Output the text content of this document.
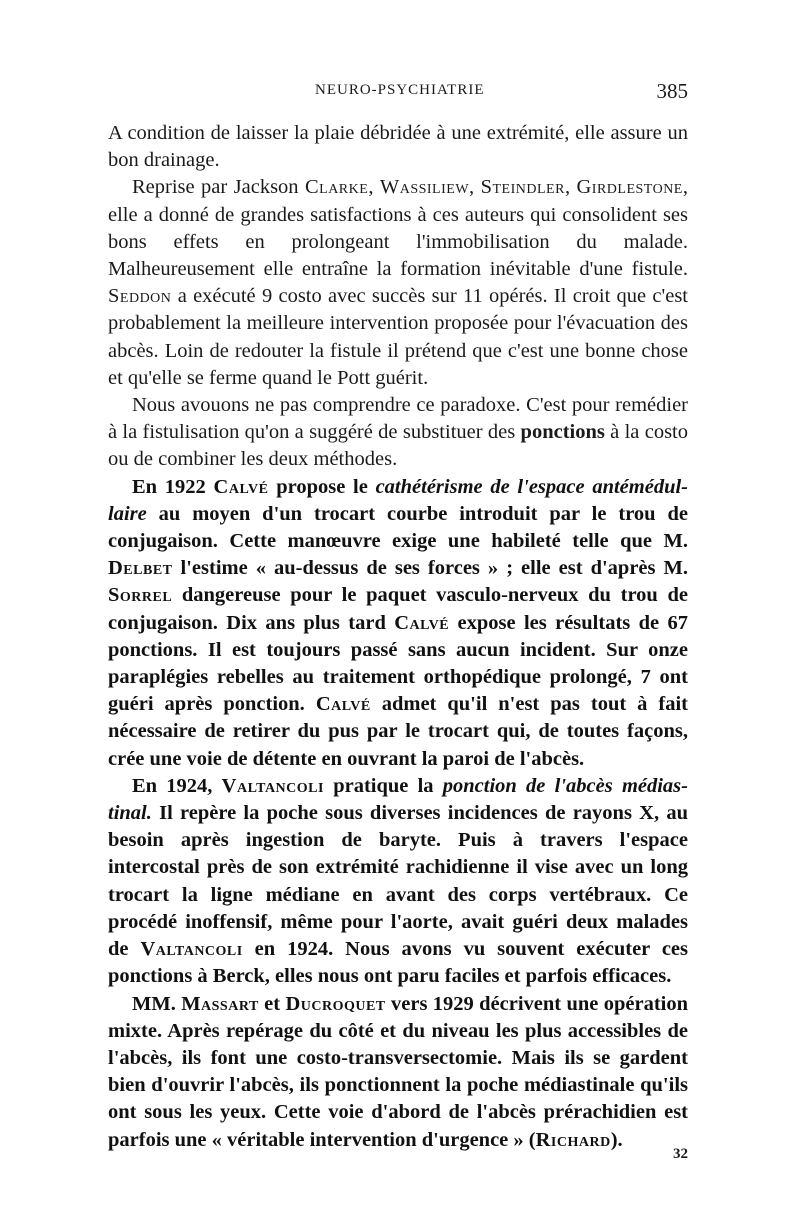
NEURO-PSYCHIATRIE	385

A condition de laisser la plaie débridée à une extrémité, elle assure un bon drainage.

Reprise par Jackson Clarke, Wassiliew, Steindler, Girdlestone, elle a donné de grandes satisfactions à ces auteurs qui consolident ses bons effets en prolongeant l'immobilisation du malade. Malheureusement elle entraîne la formation inévitable d'une fistule. Seddon a exécuté 9 costo avec succès sur 11 opérés. Il croit que c'est probablement la meilleure intervention proposée pour l'évacuation des abcès. Loin de redouter la fistule il prétend que c'est une bonne chose et qu'elle se ferme quand le Pott guérit.

Nous avouons ne pas comprendre ce paradoxe. C'est pour remédier à la fistulisation qu'on a suggéré de substituer des ponctions à la costo ou de combiner les deux méthodes.

En 1922 Calvé propose le cathétérisme de l'espace antémédullaire au moyen d'un trocart courbe introduit par le trou de conjugaison. Cette manœuvre exige une habileté telle que M. Delbet l'estime « au-dessus de ses forces » ; elle est d'après M. Sorrel dangereuse pour le paquet vasculo-nerveux du trou de conjugaison. Dix ans plus tard Calvé expose les résultats de 67 ponctions. Il est toujours passé sans aucun incident. Sur onze paraplégies rebelles au traitement orthopédique prolongé, 7 ont guéri après ponction. Calvé admet qu'il n'est pas tout à fait nécessaire de retirer du pus par le trocart qui, de toutes façons, crée une voie de détente en ouvrant la paroi de l'abcès.

En 1924, Valtancoli pratique la ponction de l'abcès médiastinal. Il repère la poche sous diverses incidences de rayons X, au besoin après ingestion de baryte. Puis à travers l'espace intercostal près de son extrémité rachidienne il vise avec un long trocart la ligne médiane en avant des corps vertébraux. Ce procédé inoffensif, même pour l'aorte, avait guéri deux malades de Valtancoli en 1924. Nous avons vu souvent exécuter ces ponctions à Berck, elles nous ont paru faciles et parfois efficaces.

MM. Massart et Ducroquet vers 1929 décrivent une opération mixte. Après repérage du côté et du niveau les plus accessibles de l'abcès, ils font une costo-transversectomie. Mais ils se gardent bien d'ouvrir l'abcès, ils ponctionnent la poche médiastinale qu'ils ont sous les yeux. Cette voie d'abord de l'abcès prérachidien est parfois une « véritable intervention d'urgence » (Richard).

32
